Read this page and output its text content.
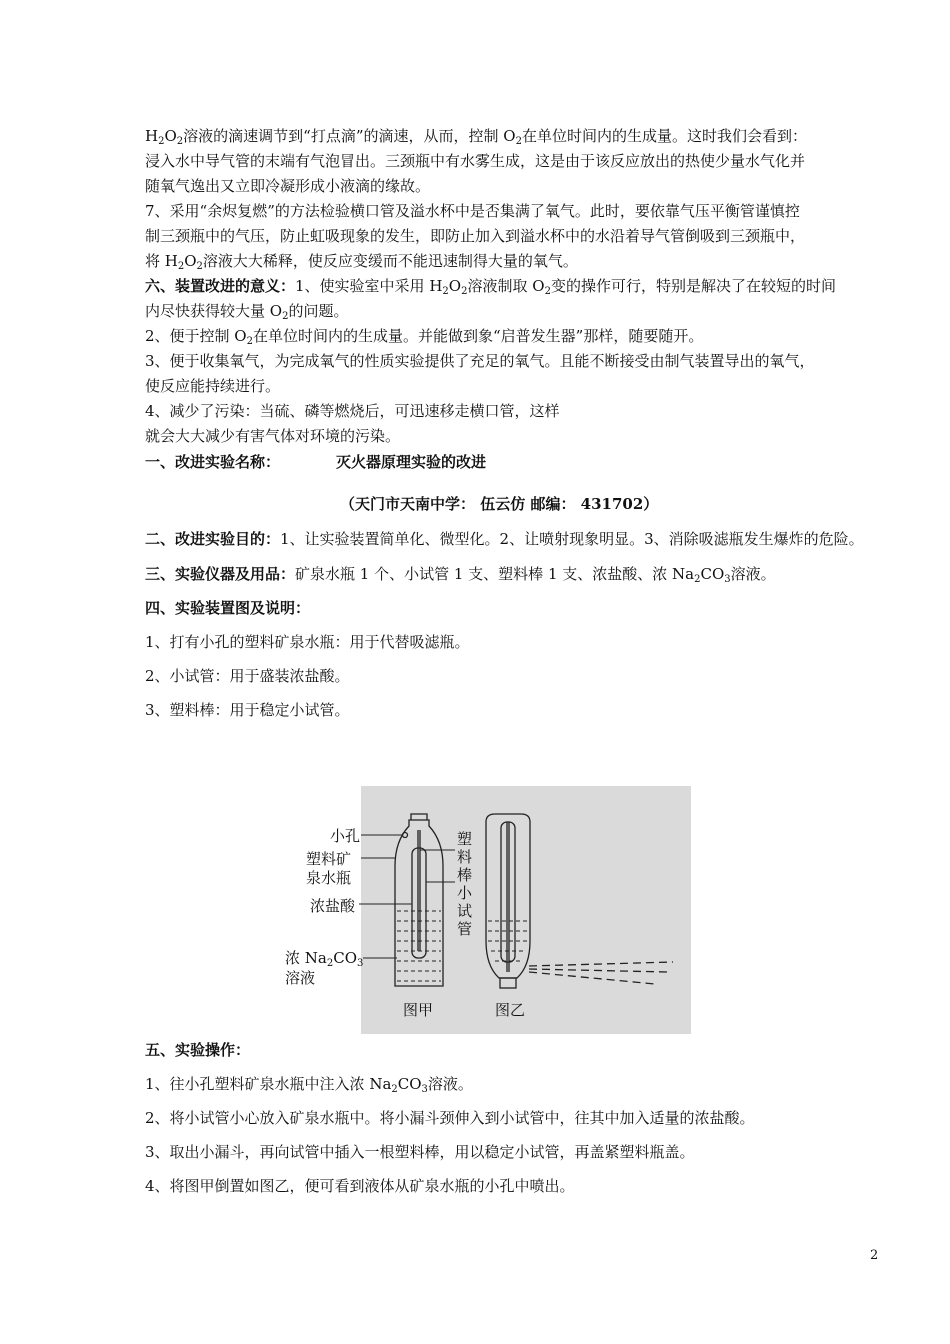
$H_2O_2$溶液的滴速调节到“打点滴”的滴速，从而，控制 $O_2$在单位时间内的生成量。这时我们会看到：
浸入水中导气管的末端有气泡冒出。三颈瓶中有水雾生成，这是由于该反应放出的热使少量水气化并
随氧气逸出又立即冷凝形成小液滴的缘故。
7、采用“余烬复燃”的方法检验横口管及溢水杯中是否集满了氧气。此时，要依靠气压平衡管谨慎控
制三颈瓶中的气压，防止虹吸现象的发生，即防止加入到溢水杯中的水沿着导气管倒吸到三颈瓶中，
将 $H_2O_2$溶液大大稀释，使反应变缓而不能迅速制得大量的氧气。
六、装置改进的意义：1、使实验室中采用 $H_2O_2$溶液制取 $O_2$变的操作可行，特别是解决了在较短的时间
内尽快获得较大量 $O_2$的问题。
2、便于控制 $O_2$在单位时间内的生成量。并能做到象“启普发生器”那样，随要随开。
3、便于收集氧气，为完成氧气的性质实验提供了充足的氧气。且能不断接受由制气装置导出的氧气，
使反应能持续进行。
4、减少了污染：当硫、磷等燃烧后，可迅速移走横口管，这样
就会大大减少有害气体对环境的污染。
一、改进实验名称：	灭火器原理实验的改进
（天门市天南中学： 伍云仿 邮编： 431702）
二、改进实验目的：1、让实验装置简单化、微型化。2、让喷射现象明显。3、消除吸滤瓶发生爆炸的危险。
三、实验仪器及用品：矿泉水瓶 1 个、小试管 1 支、塑料棒 1 支、浓盐酸、浓 $Na_2CO_3$溶液。
四、实验装置图及说明：
1、打有小孔的塑料矿泉水瓶：用于代替吸滤瓶。
2、小试管：用于盛装浓盐酸。
3、塑料棒：用于稳定小试管。
小孔
塑料矿
泉水瓶
浓盐酸
浓 $Na_2CO_3$
溶液
塑料棒
小试管
图甲	图乙
五、实验操作：
1、往小孔塑料矿泉水瓶中注入浓 $Na_2CO_3$溶液。
2、将小试管小心放入矿泉水瓶中。将小漏斗颈伸入到小试管中，往其中加入适量的浓盐酸。
3、取出小漏斗，再向试管中插入一根塑料棒，用以稳定小试管，再盖紧塑料瓶盖。
4、将图甲倒置如图乙，便可看到液体从矿泉水瓶的小孔中喷出。
2
